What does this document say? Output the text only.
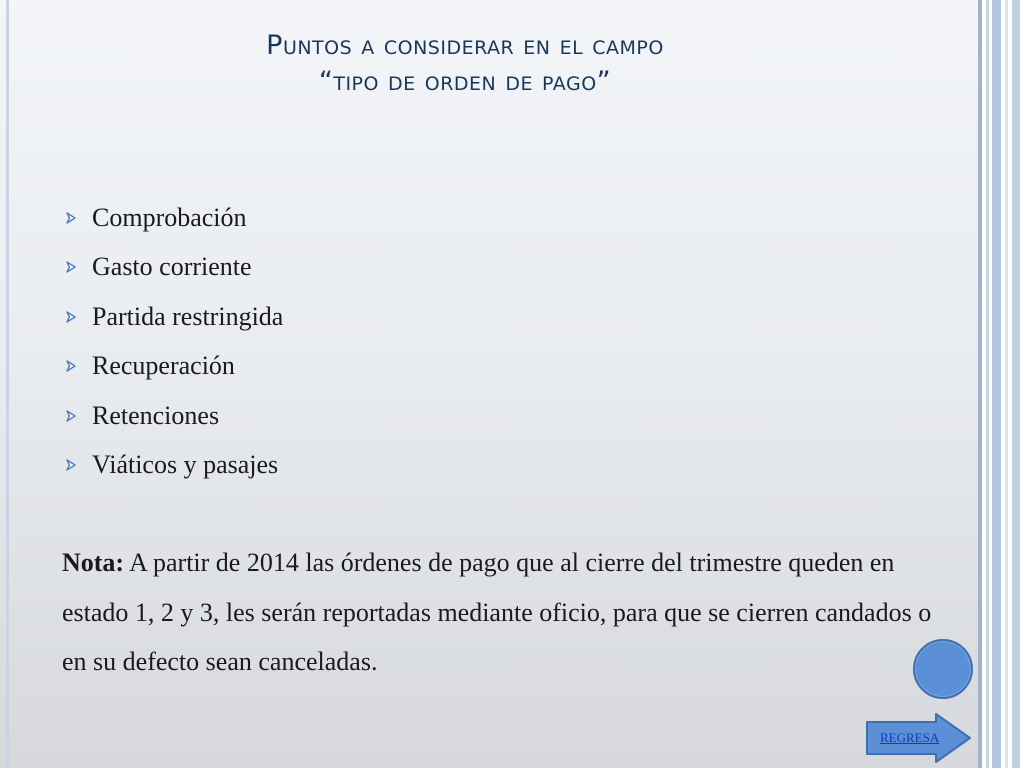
Puntos a considerar en el campo
“tipo de orden de pago”
Comprobación
Gasto corriente
Partida restringida
Recuperación
Retenciones
Viáticos y pasajes
Nota: A partir de 2014 las órdenes de pago que al cierre del trimestre queden en estado 1, 2 y 3, les serán reportadas mediante oficio, para que se cierren candados o en su defecto sean canceladas.
REGRESA
